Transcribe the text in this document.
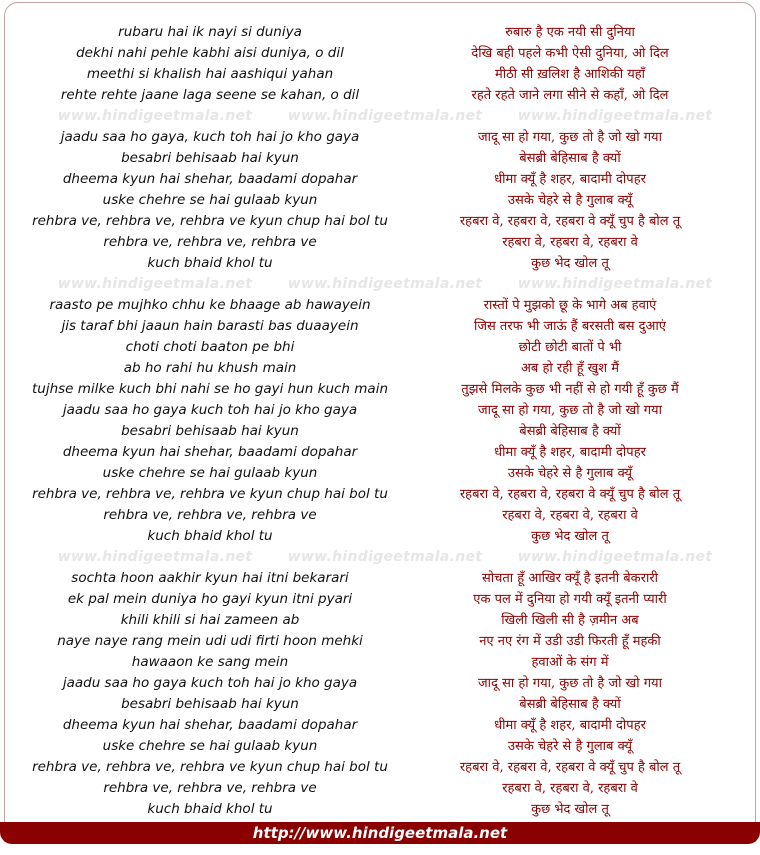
www.hindigeetmala.net	www.hindigeetmala.net	www.hindigeetmala.net
www.hindigeetmala.net	www.hindigeetmala.net	www.hindigeetmala.net
www.hindigeetmala.net	www.hindigeetmala.net	www.hindigeetmala.net
rubaru hai ik nayi si duniya
dekhi nahi pehle kabhi aisi duniya, o dil
meethi si khalish hai aashiqui yahan
rehte rehte jaane laga seene se kahan, o dil
jaadu saa ho gaya, kuch toh hai jo kho gaya
besabri behisaab hai kyun
dheema kyun hai shehar, baadami dopahar
uske chehre se hai gulaab kyun
rehbra ve, rehbra ve, rehbra ve kyun chup hai bol tu
rehbra ve, rehbra ve, rehbra ve
kuch bhaid khol tu
raasto pe mujhko chhu ke bhaage ab hawayein
jis taraf bhi jaaun hain barasti bas duaayein
choti choti baaton pe bhi
ab ho rahi hu khush main
tujhse milke kuch bhi nahi se ho gayi hun kuch main
jaadu saa ho gaya kuch toh hai jo kho gaya
besabri behisaab hai kyun
dheema kyun hai shehar, baadami dopahar
uske chehre se hai gulaab kyun
rehbra ve, rehbra ve, rehbra ve kyun chup hai bol tu
rehbra ve, rehbra ve, rehbra ve
kuch bhaid khol tu
sochta hoon aakhir kyun hai itni bekarari
ek pal mein duniya ho gayi kyun itni pyari
khili khili si hai zameen ab
naye naye rang mein udi udi firti hoon mehki
hawaaon ke sang mein
jaadu saa ho gaya kuch toh hai jo kho gaya
besabri behisaab hai kyun
dheema kyun hai shehar, baadami dopahar
uske chehre se hai gulaab kyun
rehbra ve, rehbra ve, rehbra ve kyun chup hai bol tu
rehbra ve, rehbra ve, rehbra ve
kuch bhaid khol tu
रुबारु है एक नयी सी दुनिया
देखि बही पहले कभी ऐसी दुनिया, ओ दिल
मीठी सी ख़लिश है आशिकी यहाँ
रहते रहते जाने लगा सीने से कहाँ, ओ दिल
जादू सा हो गया, कुछ तो है जो खो गया
बेसब्री बेहिसाब है क्यों
धीमा क्यूँ है शहर, बादामी दोपहर
उसके चेहरे से है गुलाब क्यूँ
रहबरा वे, रहबरा वे, रहबरा वे क्यूँ चुप है बोल तू
रहबरा वे, रहबरा वे, रहबरा वे
कुछ भेद खोल तू
रास्तों पे मुझको छू के भागे अब हवाएं
जिस तरफ भी जाऊं हैं बरसती बस दुआएं
छोटी छोटी बातों पे भी
अब हो रही हूँ खुश मैं
तुझसे मिलके कुछ भी नहीं से हो गयी हूँ कुछ मैं
जादू सा हो गया, कुछ तो है जो खो गया
बेसब्री बेहिसाब है क्यों
धीमा क्यूँ है शहर, बादामी दोपहर
उसके चेहरे से है गुलाब क्यूँ
रहबरा वे, रहबरा वे, रहबरा वे क्यूँ चुप है बोल तू
रहबरा वे, रहबरा वे, रहबरा वे
कुछ भेद खोल तू
सोचता हूँ आखिर क्यूँ है इतनी बेकरारी
एक पल में दुनिया हो गयी क्यूँ इतनी प्यारी
खिली खिली सी है ज़मीन अब
नए नए रंग में उडी उडी फिरती हूँ महकी
हवाओं के संग में
जादू सा हो गया, कुछ तो है जो खो गया
बेसब्री बेहिसाब है क्यों
धीमा क्यूँ है शहर, बादामी दोपहर
उसके चेहरे से है गुलाब क्यूँ
रहबरा वे, रहबरा वे, रहबरा वे क्यूँ चुप है बोल तू
रहबरा वे, रहबरा वे, रहबरा वे
कुछ भेद खोल तू
http://www.hindigeetmala.net
